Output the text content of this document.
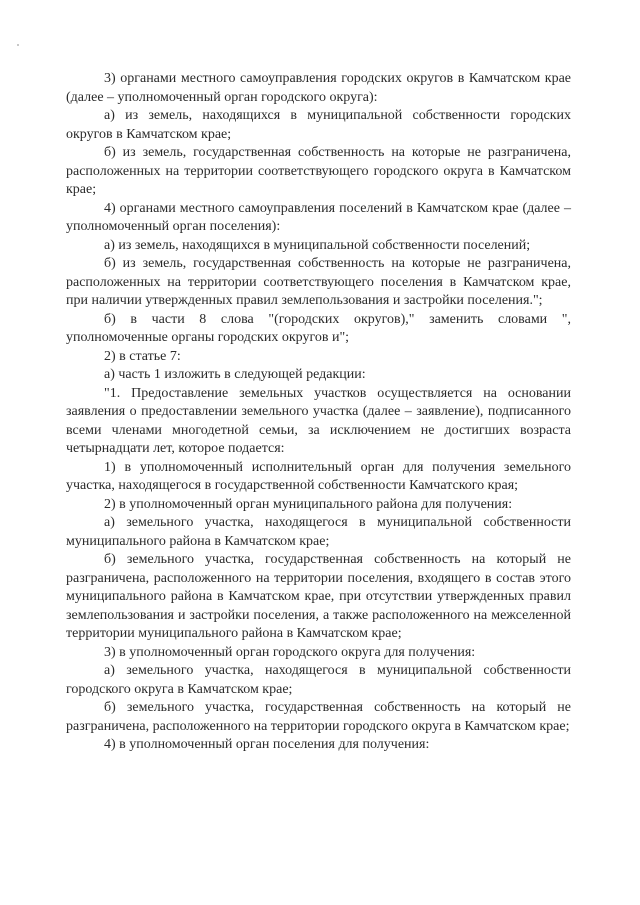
3) органами местного самоуправления городских округов в Камчатском крае (далее – уполномоченный орган городского округа):

а) из земель, находящихся в муниципальной собственности городских округов в Камчатском крае;

б) из земель, государственная собственность на которые не разграничена, расположенных на территории соответствующего городского округа в Камчатском крае;

4) органами местного самоуправления поселений в Камчатском крае (далее – уполномоченный орган поселения):

а) из земель, находящихся в муниципальной собственности поселений;

б) из земель, государственная собственность на которые не разграничена, расположенных на территории соответствующего поселения в Камчатском крае, при наличии утвержденных правил землепользования и застройки поселения.";

б) в части 8 слова "(городских округов)," заменить словами ", уполномоченные органы городских округов и";

2) в статье 7:

а) часть 1 изложить в следующей редакции:

"1. Предоставление земельных участков осуществляется на основании заявления о предоставлении земельного участка (далее – заявление), подписанного всеми членами многодетной семьи, за исключением не достигших возраста четырнадцати лет, которое подается:

1) в уполномоченный исполнительный орган для получения земельного участка, находящегося в государственной собственности Камчатского края;

2) в уполномоченный орган муниципального района для получения:

а) земельного участка, находящегося в муниципальной собственности муниципального района в Камчатском крае;

б) земельного участка, государственная собственность на который не разграничена, расположенного на территории поселения, входящего в состав этого муниципального района в Камчатском крае, при отсутствии утвержденных правил землепользования и застройки поселения, а также расположенного на межселенной территории муниципального района в Камчатском крае;

3) в уполномоченный орган городского округа для получения:

а) земельного участка, находящегося в муниципальной собственности городского округа в Камчатском крае;

б) земельного участка, государственная собственность на который не разграничена, расположенного на территории городского округа в Камчатском крае;

4) в уполномоченный орган поселения для получения:
